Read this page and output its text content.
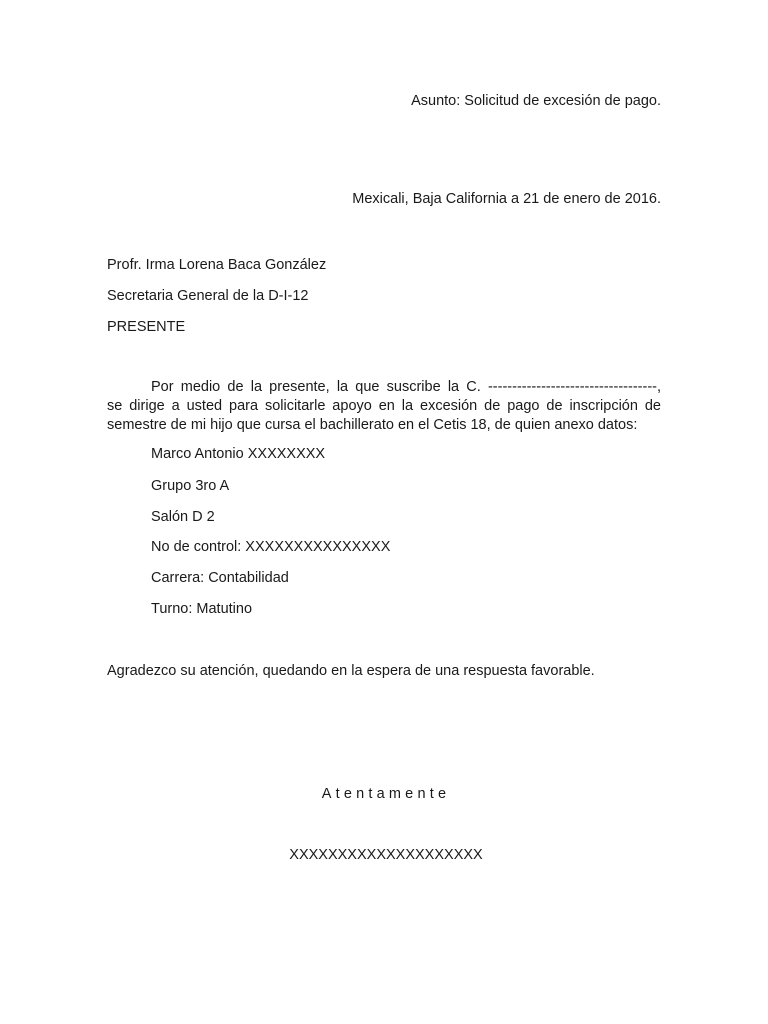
Asunto: Solicitud de excesión de pago.
Mexicali, Baja California a 21 de enero de 2016.
Profr. Irma Lorena Baca González
Secretaria General de la D-I-12
PRESENTE
Por medio de la presente, la que suscribe la C. -----------------------------------,
se dirige a usted para solicitarle apoyo en la excesión de pago de inscripción de
semestre de mi hijo que cursa el bachillerato en el Cetis 18, de quien anexo datos:
Marco Antonio XXXXXXXX
Grupo 3ro A
Salón D 2
No de control: XXXXXXXXXXXXXXX
Carrera: Contabilidad
Turno: Matutino
Agradezco su atención, quedando en la espera de una respuesta favorable.
Atentamente
XXXXXXXXXXXXXXXXXXXX
